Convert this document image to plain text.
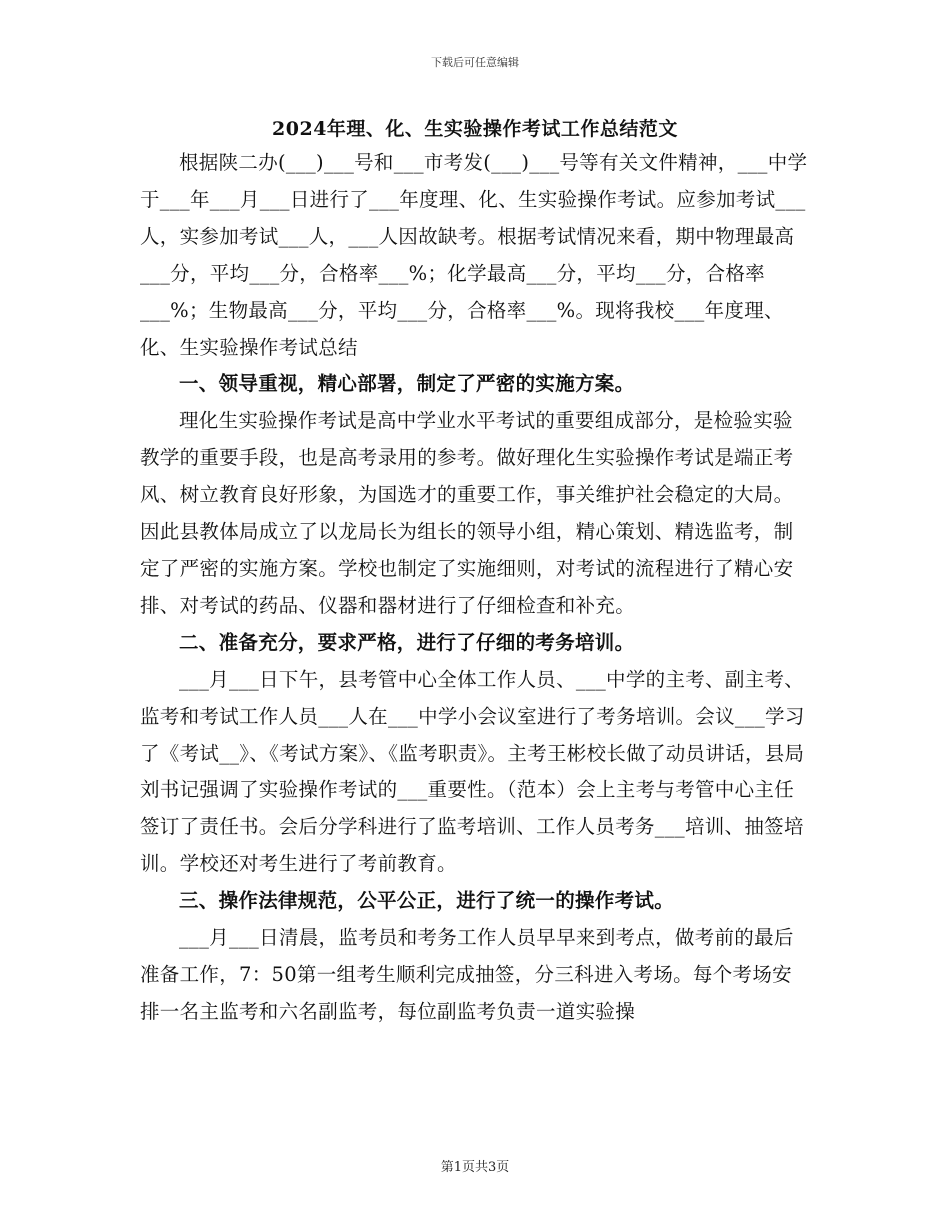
下载后可任意编辑
2024年理、化、生实验操作考试工作总结范文

根据陕二办(___)___号和___市考发(___)___号等有关文件精神，___中学于___年___月___日进行了___年度理、化、生实验操作考试。应参加考试___人，实参加考试___人，___人因故缺考。根据考试情况来看，期中物理最高___分，平均___分，合格率___%；化学最高___分，平均___分，合格率___%；生物最高___分，平均___分，合格率___%。现将我校___年度理、化、生实验操作考试总结

一、领导重视，精心部署，制定了严密的实施方案。

理化生实验操作考试是高中学业水平考试的重要组成部分，是检验实验教学的重要手段，也是高考录用的参考。做好理化生实验操作考试是端正考风、树立教育良好形象，为国选才的重要工作，事关维护社会稳定的大局。因此县教体局成立了以龙局长为组长的领导小组，精心策划、精选监考，制定了严密的实施方案。学校也制定了实施细则，对考试的流程进行了精心安排、对考试的药品、仪器和器材进行了仔细检查和补充。

二、准备充分，要求严格，进行了仔细的考务培训。

___月___日下午，县考管中心全体工作人员、___中学的主考、副主考、监考和考试工作人员___人在___中学小会议室进行了考务培训。会议___学习了《考试__》、《考试方案》、《监考职责》。主考王彬校长做了动员讲话，县局刘书记强调了实验操作考试的___重要性。（范本）会上主考与考管中心主任签订了责任书。会后分学科进行了监考培训、工作人员考务___培训、抽签培训。学校还对考生进行了考前教育。

三、操作法律规范，公平公正，进行了统一的操作考试。

___月___日清晨，监考员和考务工作人员早早来到考点，做考前的最后准备工作，7：50第一组考生顺利完成抽签，分三科进入考场。每个考场安排一名主监考和六名副监考，每位副监考负责一道实验操

第1页共3页
